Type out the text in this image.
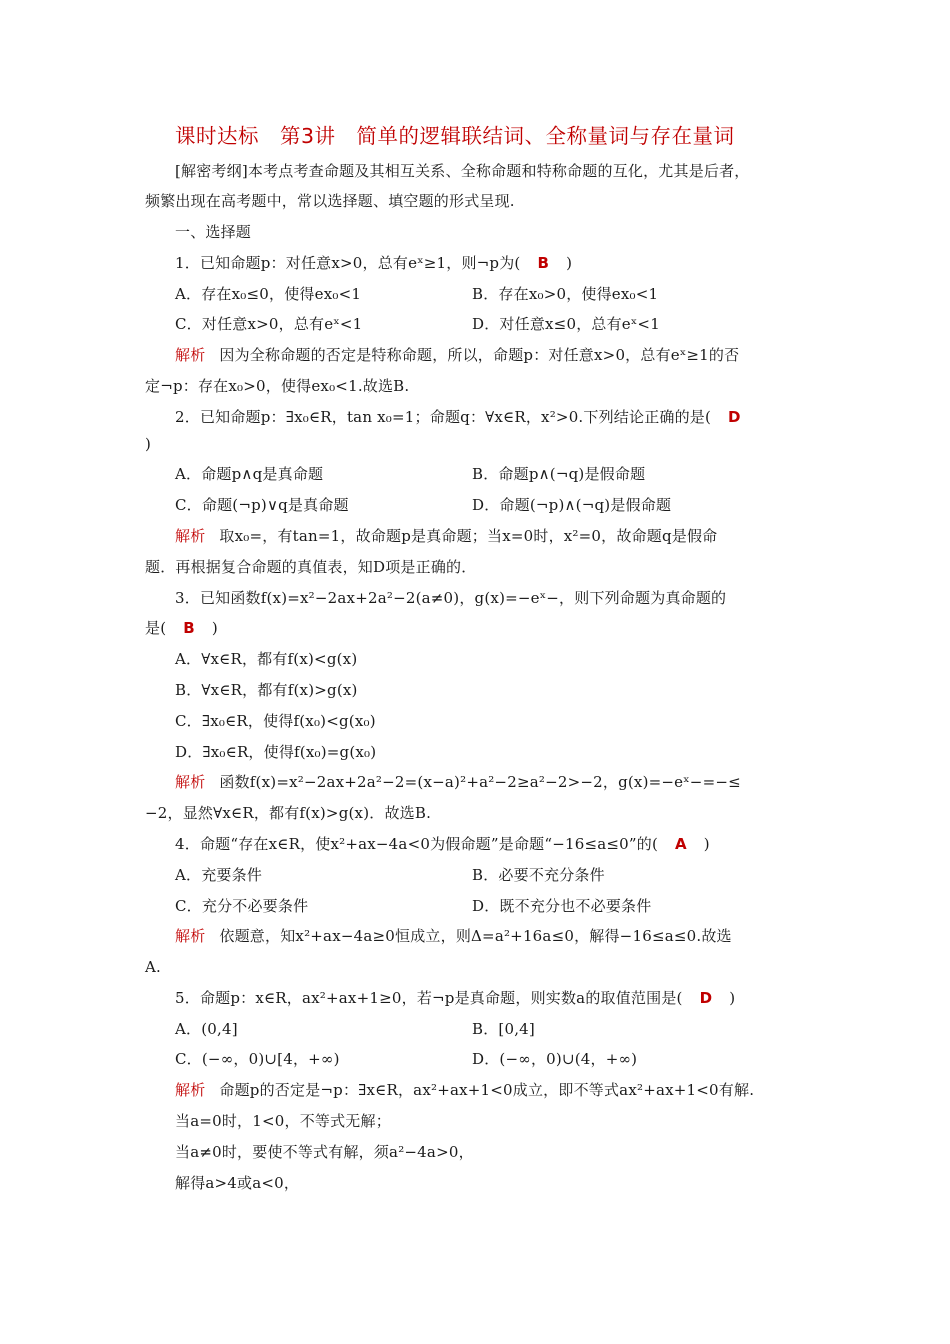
课时达标　第3讲　简单的逻辑联结词、全称量词与存在量词
[解密考纲]本考点考查命题及其相互关系、全称命题和特称命题的互化，尤其是后者，
频繁出现在高考题中，常以选择题、填空题的形式呈现.
一、选择题
1．已知命题p：对任意x>0，总有eˣ≥1，则¬p为( B )
A．存在x₀≤0，使得ex₀<1	B．存在x₀>0，使得ex₀<1
C．对任意x>0，总有eˣ<1	D．对任意x≤0，总有eˣ<1
解析 因为全称命题的否定是特称命题，所以，命题p：对任意x>0，总有eˣ≥1的否
定¬p：存在x₀>0，使得ex₀<1.故选B.
2．已知命题p：∃x₀∈R，tan x₀=1；命题q：∀x∈R，x²>0.下列结论正确的是( D
)
A．命题p∧q是真命题	B．命题p∧(¬q)是假命题
C．命题(¬p)∨q是真命题	D．命题(¬p)∧(¬q)是假命题
解析 取x₀=，有tan=1，故命题p是真命题；当x=0时，x²=0，故命题q是假命
题．再根据复合命题的真值表，知D项是正确的．
3．已知函数f(x)=x²−2ax+2a²−2(a≠0)，g(x)=−eˣ−，则下列命题为真命题的
是( B )
A．∀x∈R，都有f(x)<g(x)
B．∀x∈R，都有f(x)>g(x)
C．∃x₀∈R，使得f(x₀)<g(x₀)
D．∃x₀∈R，使得f(x₀)=g(x₀)
解析 函数f(x)=x²−2ax+2a²−2=(x−a)²+a²−2≥a²−2>−2，g(x)=−eˣ−=−≤
−2，显然∀x∈R，都有f(x)>g(x)．故选B.
4．命题“存在x∈R，使x²+ax−4a<0为假命题”是命题“−16≤a≤0”的( A )
A．充要条件	B．必要不充分条件
C．充分不必要条件	D．既不充分也不必要条件
解析 依题意，知x²+ax−4a≥0恒成立，则Δ=a²+16a≤0，解得−16≤a≤0.故选
A.
5．命题p：x∈R，ax²+ax+1≥0，若¬p是真命题，则实数a的取值范围是( D )
A．(0,4]	B．[0,4]
C．(−∞，0)∪[4，+∞)	D．(−∞，0)∪(4，+∞)
解析 命题p的否定是¬p：∃x∈R，ax²+ax+1<0成立，即不等式ax²+ax+1<0有解.
当a=0时，1<0，不等式无解；
当a≠0时，要使不等式有解，须a²−4a>0，
解得a>4或a<0，
